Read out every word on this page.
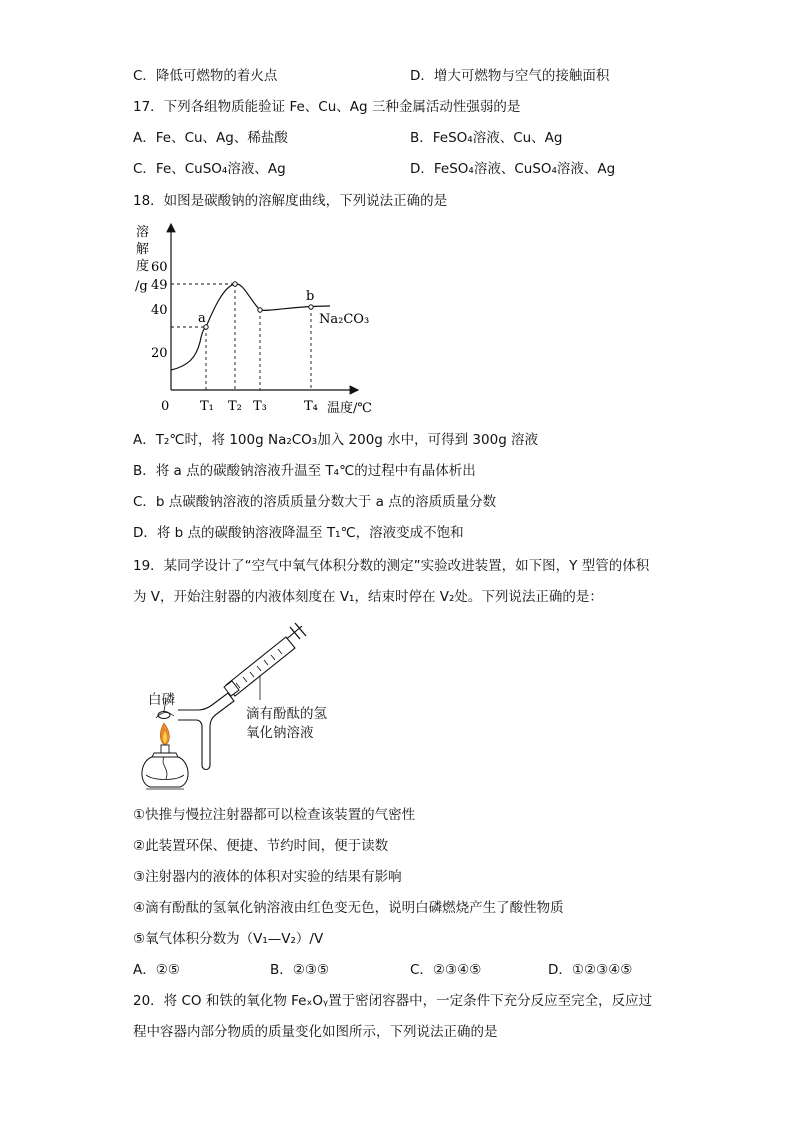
C．降低可燃物的着火点	D．增大可燃物与空气的接触面积
17．下列各组物质能验证 Fe、Cu、Ag 三种金属活动性强弱的是
A．Fe、Cu、Ag、稀盐酸	B．FeSO₄溶液、Cu、Ag
C．Fe、CuSO₄溶液、Ag	D．FeSO₄溶液、CuSO₄溶液、Ag
18．如图是碳酸钠的溶解度曲线，下列说法正确的是
溶
解
度
/g
60
49
40
20
0 T₁ T₂ T₃	T₄ 温度/℃
a
b
Na₂CO₃
A．T₂℃时，将 100g Na₂CO₃加入 200g 水中，可得到 300g 溶液
B．将 a 点的碳酸钠溶液升温至 T₄℃的过程中有晶体析出
C．b 点碳酸钠溶液的溶质质量分数大于 a 点的溶质质量分数
D．将 b 点的碳酸钠溶液降温至 T₁℃，溶液变成不饱和
19．某同学设计了“空气中氧气体积分数的测定”实验改进装置，如下图，Y 型管的体积
为 V，开始注射器的内液体刻度在 V₁，结束时停在 V₂处。下列说法正确的是：
白磷
滴有酚酞的氢
氧化钠溶液
①快推与慢拉注射器都可以检查该装置的气密性
②此装置环保、便捷、节约时间，便于读数
③注射器内的液体的体积对实验的结果有影响
④滴有酚酞的氢氧化钠溶液由红色变无色，说明白磷燃烧产生了酸性物质
⑤氧气体积分数为（V₁—V₂）/V
A．②⑤	B．②③⑤	C．②③④⑤	D．①②③④⑤
20．将 CO 和铁的氧化物 FeₓOᵧ置于密闭容器中，一定条件下充分反应至完全，反应过
程中容器内部分物质的质量变化如图所示，下列说法正确的是
